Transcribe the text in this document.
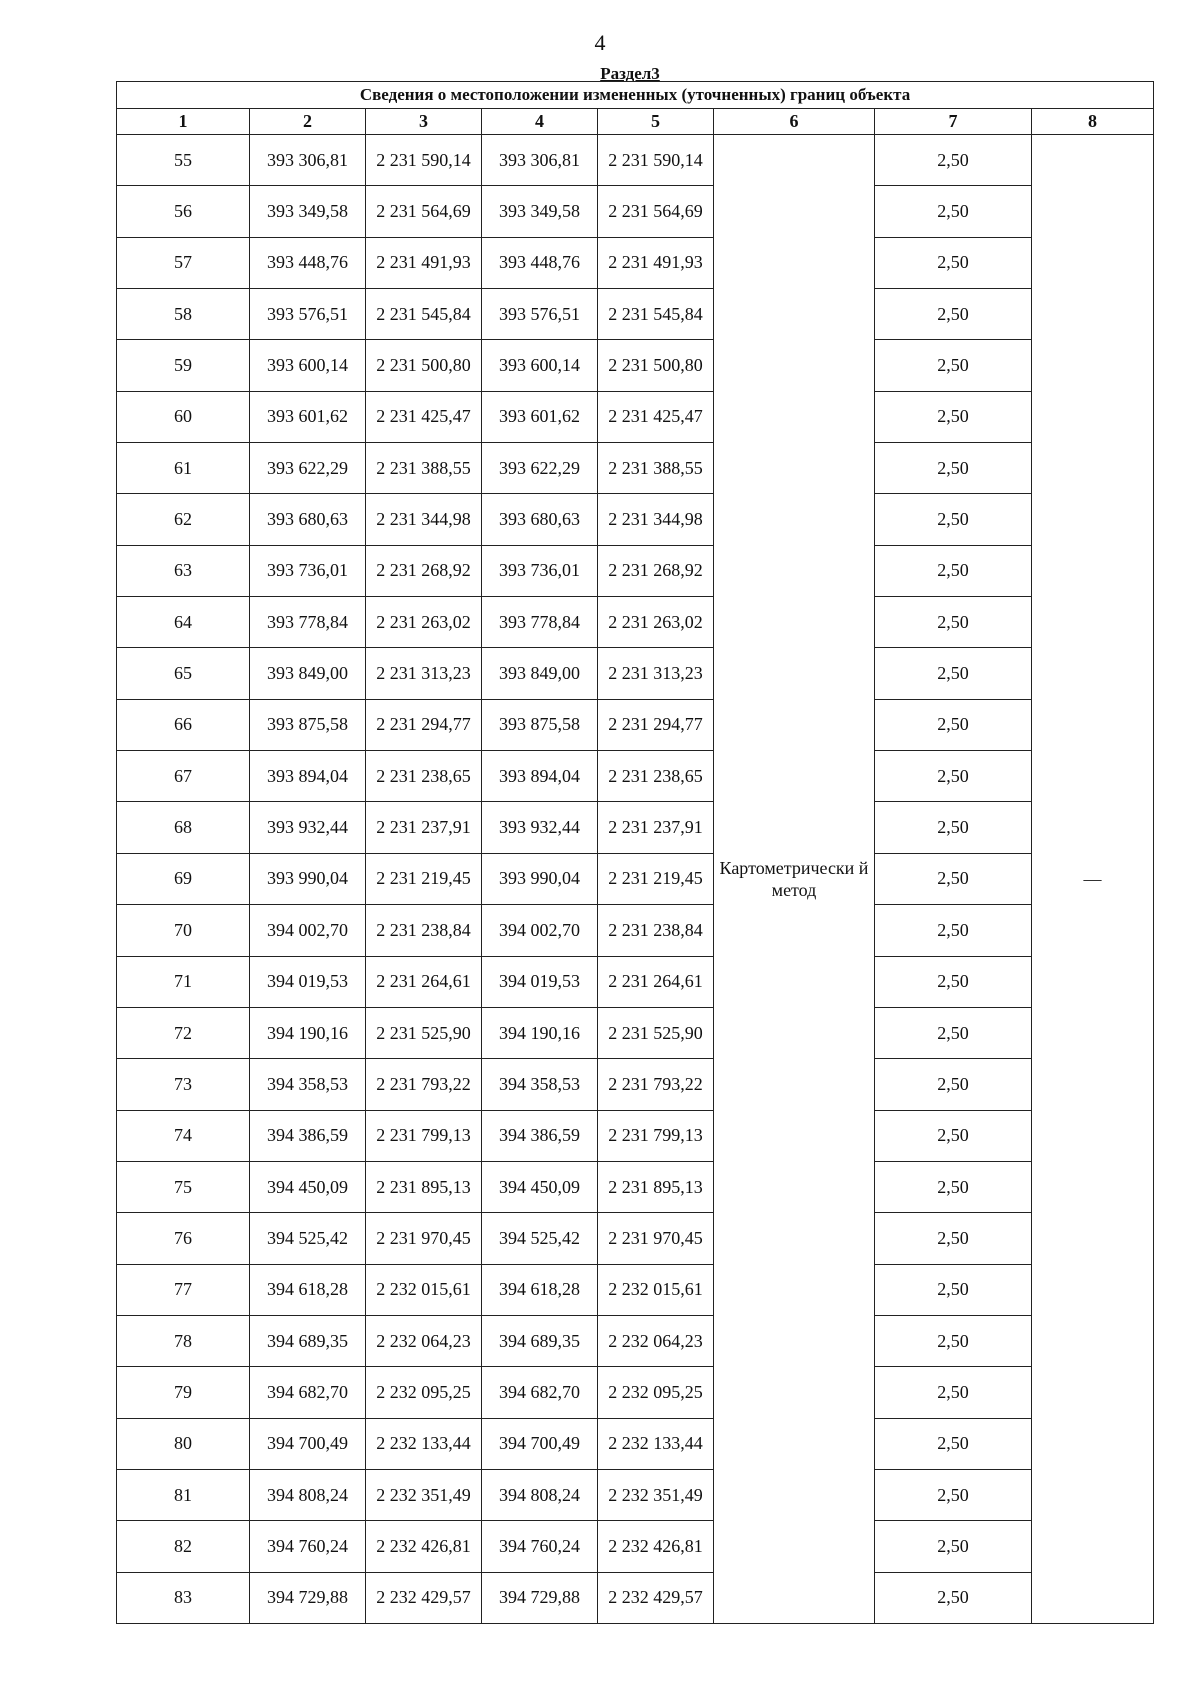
4
Раздел3
Сведения о местоположении измененных (уточненных) границ объекта							
1	2	3	4	5	6	7	8
55	393 306,81	2 231 590,14	393 306,81	2 231 590,14	Картометрически й метод	2,50	—
56	393 349,58	2 231 564,69	393 349,58	2 231 564,69		2,50	
57	393 448,76	2 231 491,93	393 448,76	2 231 491,93		2,50	
58	393 576,51	2 231 545,84	393 576,51	2 231 545,84		2,50	
59	393 600,14	2 231 500,80	393 600,14	2 231 500,80		2,50	
60	393 601,62	2 231 425,47	393 601,62	2 231 425,47		2,50	
61	393 622,29	2 231 388,55	393 622,29	2 231 388,55		2,50	
62	393 680,63	2 231 344,98	393 680,63	2 231 344,98		2,50	
63	393 736,01	2 231 268,92	393 736,01	2 231 268,92		2,50	
64	393 778,84	2 231 263,02	393 778,84	2 231 263,02		2,50	
65	393 849,00	2 231 313,23	393 849,00	2 231 313,23		2,50	
66	393 875,58	2 231 294,77	393 875,58	2 231 294,77		2,50	
67	393 894,04	2 231 238,65	393 894,04	2 231 238,65		2,50	
68	393 932,44	2 231 237,91	393 932,44	2 231 237,91		2,50	
69	393 990,04	2 231 219,45	393 990,04	2 231 219,45		2,50	
70	394 002,70	2 231 238,84	394 002,70	2 231 238,84		2,50	
71	394 019,53	2 231 264,61	394 019,53	2 231 264,61		2,50	
72	394 190,16	2 231 525,90	394 190,16	2 231 525,90		2,50	
73	394 358,53	2 231 793,22	394 358,53	2 231 793,22		2,50	
74	394 386,59	2 231 799,13	394 386,59	2 231 799,13		2,50	
75	394 450,09	2 231 895,13	394 450,09	2 231 895,13		2,50	
76	394 525,42	2 231 970,45	394 525,42	2 231 970,45		2,50	
77	394 618,28	2 232 015,61	394 618,28	2 232 015,61		2,50	
78	394 689,35	2 232 064,23	394 689,35	2 232 064,23		2,50	
79	394 682,70	2 232 095,25	394 682,70	2 232 095,25		2,50	
80	394 700,49	2 232 133,44	394 700,49	2 232 133,44		2,50	
81	394 808,24	2 232 351,49	394 808,24	2 232 351,49		2,50	
82	394 760,24	2 232 426,81	394 760,24	2 232 426,81		2,50	
83	394 729,88	2 232 429,57	394 729,88	2 232 429,57		2,50	
